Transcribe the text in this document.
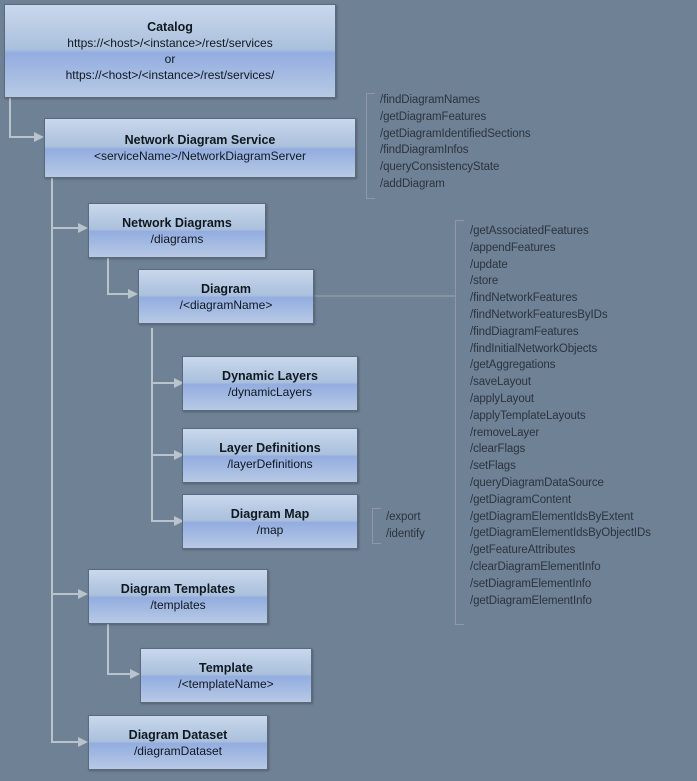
Catalog
https://<host>/<instance>/rest/services
or
https://<host>/<instance>/rest/services/
Network Diagram Service
<serviceName>/NetworkDiagramServer
Network Diagrams
/diagrams
Diagram
/<diagramName>
Dynamic Layers
/dynamicLayers
Layer Definitions
/layerDefinitions
Diagram Map
/map
Diagram Templates
/templates
Template
/<templateName>
Diagram Dataset
/diagramDataset
/findDiagramNames
/getDiagramFeatures
/getDiagramIdentifiedSections
/findDiagramInfos
/queryConsistencyState
/addDiagram
/getAssociatedFeatures
/appendFeatures
/update
/store
/findNetworkFeatures
/findNetworkFeaturesByIDs
/findDiagramFeatures
/findInitialNetworkObjects
/getAggregations
/saveLayout
/applyLayout
/applyTemplateLayouts
/removeLayer
/clearFlags
/setFlags
/queryDiagramDataSource
/getDiagramContent
/getDiagramElementIdsByExtent
/getDiagramElementIdsByObjectIDs
/getFeatureAttributes
/clearDiagramElementInfo
/setDiagramElementInfo
/getDiagramElementInfo
/export
/identify
